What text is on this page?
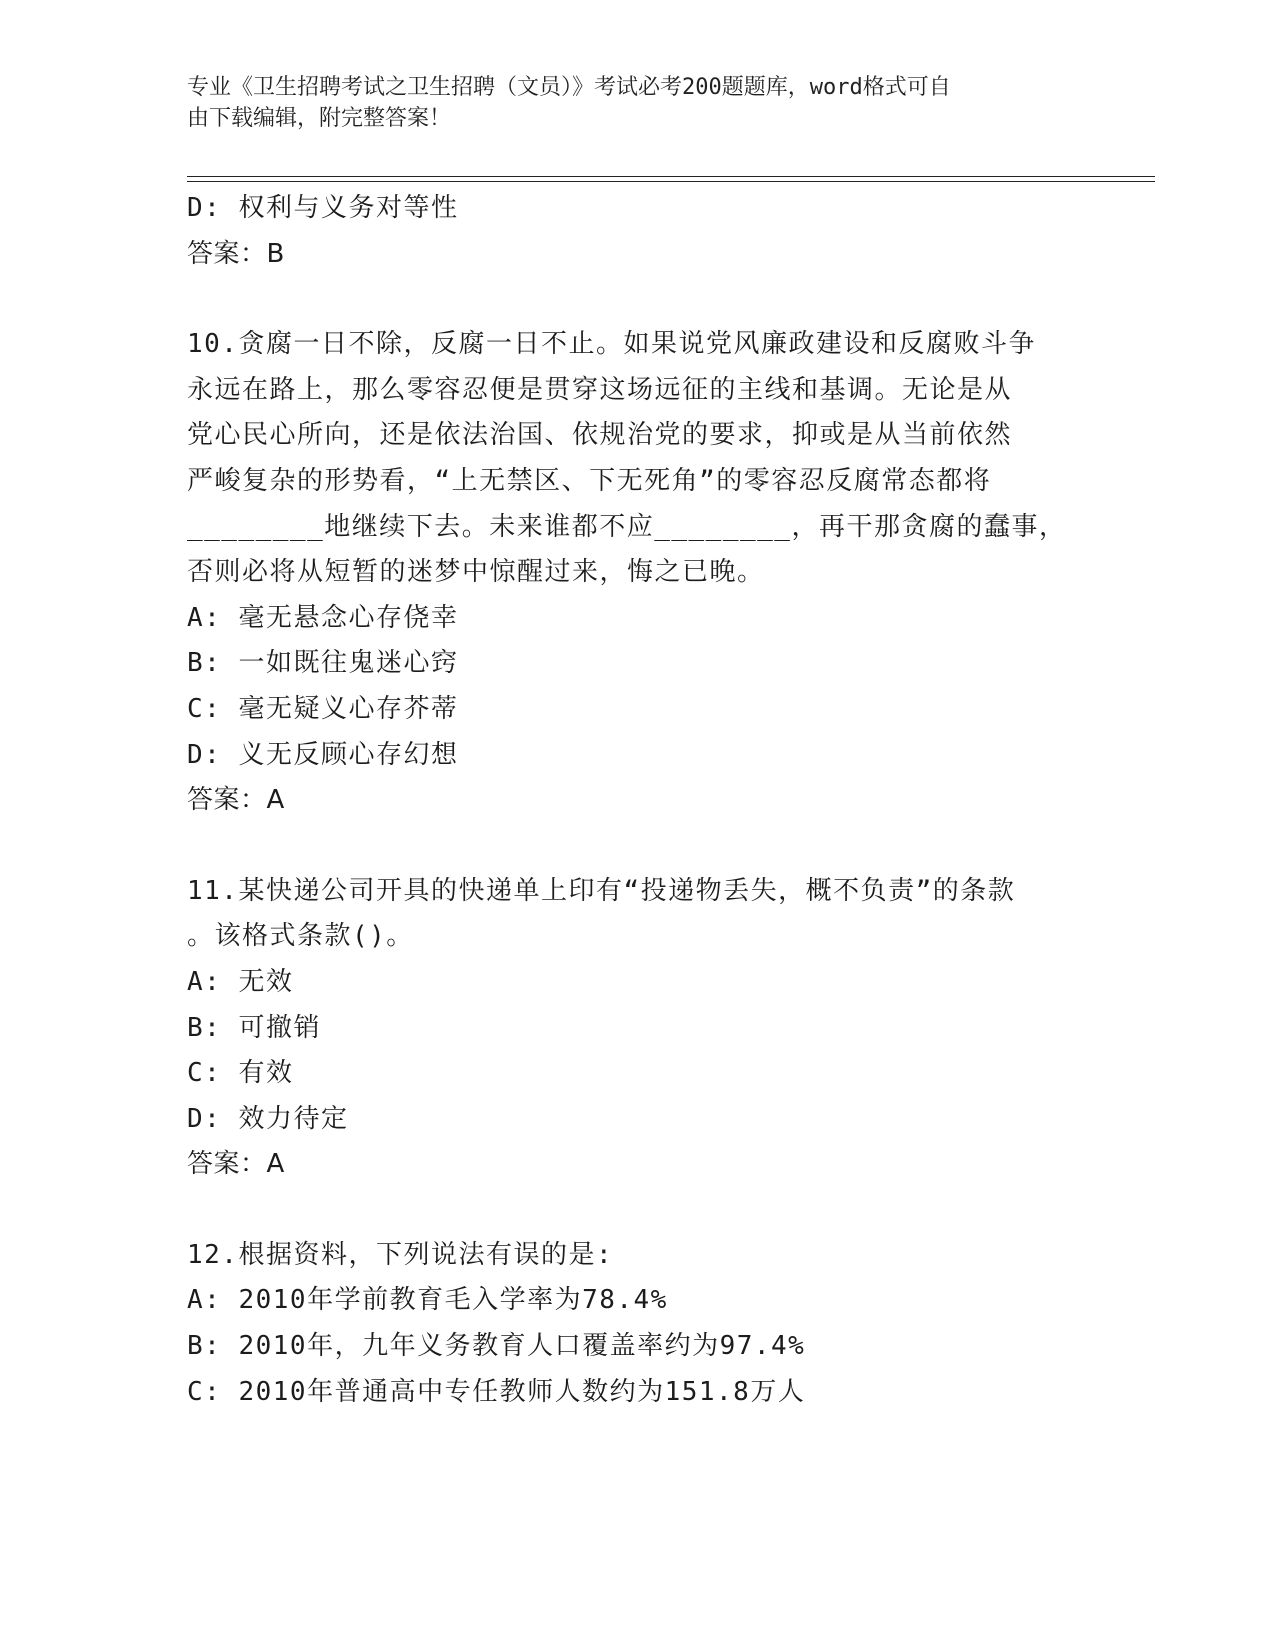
专业《卫生招聘考试之卫生招聘（文员）》考试必考200题题库，word格式可自
由下载编辑，附完整答案！
D: 权利与义务对等性
答案：B
10.贪腐一日不除，反腐一日不止。如果说党风廉政建设和反腐败斗争
永远在路上，那么零容忍便是贯穿这场远征的主线和基调。无论是从
党心民心所向，还是依法治国、依规治党的要求，抑或是从当前依然
严峻复杂的形势看，“上无禁区、下无死角”的零容忍反腐常态都将
________地继续下去。未来谁都不应________，再干那贪腐的蠢事，
否则必将从短暂的迷梦中惊醒过来，悔之已晚。
A: 毫无悬念心存侥幸
B: 一如既往鬼迷心窍
C: 毫无疑义心存芥蒂
D: 义无反顾心存幻想
答案：A
11.某快递公司开具的快递单上印有“投递物丢失，概不负责”的条款
。该格式条款()。
A: 无效
B: 可撤销
C: 有效
D: 效力待定
答案：A
12.根据资料，下列说法有误的是:
A: 2010年学前教育毛入学率为78.4%
B: 2010年，九年义务教育人口覆盖率约为97.4%
C: 2010年普通高中专任教师人数约为151.8万人
